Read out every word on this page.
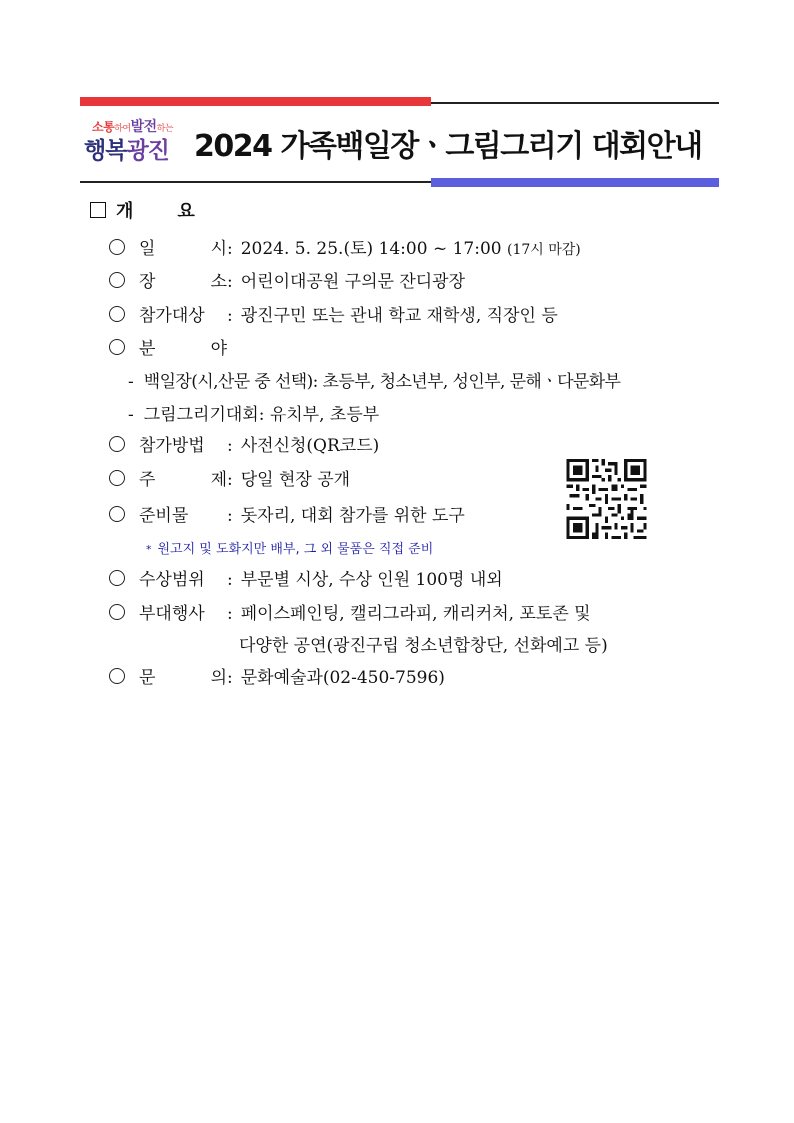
소통하여발전하는
행복광진 2024 가족백일장ㆍ그림그리기 대회안내
개 요
일 시: 2024. 5. 25.(토) 14:00 ~ 17:00 (17시 마감)
장 소: 어린이대공원 구의문 잔디광장
참가대상 : 광진구민 또는 관내 학교 재학생, 직장인 등
분 야
- 백일장(시,산문 중 선택): 초등부, 청소년부, 성인부, 문해ㆍ다문화부
- 그림그리기대회: 유치부, 초등부
참가방법 : 사전신청(QR코드)
주 제: 당일 현장 공개
준비물 : 돗자리, 대회 참가를 위한 도구
* 원고지 및 도화지만 배부, 그 외 물품은 직접 준비
수상범위 : 부문별 시상, 수상 인원 100명 내외
부대행사 : 페이스페인팅, 캘리그라피, 캐리커처, 포토존 및
다양한 공연(광진구립 청소년합창단, 선화예고 등)
문 의: 문화예술과(02-450-7596)
